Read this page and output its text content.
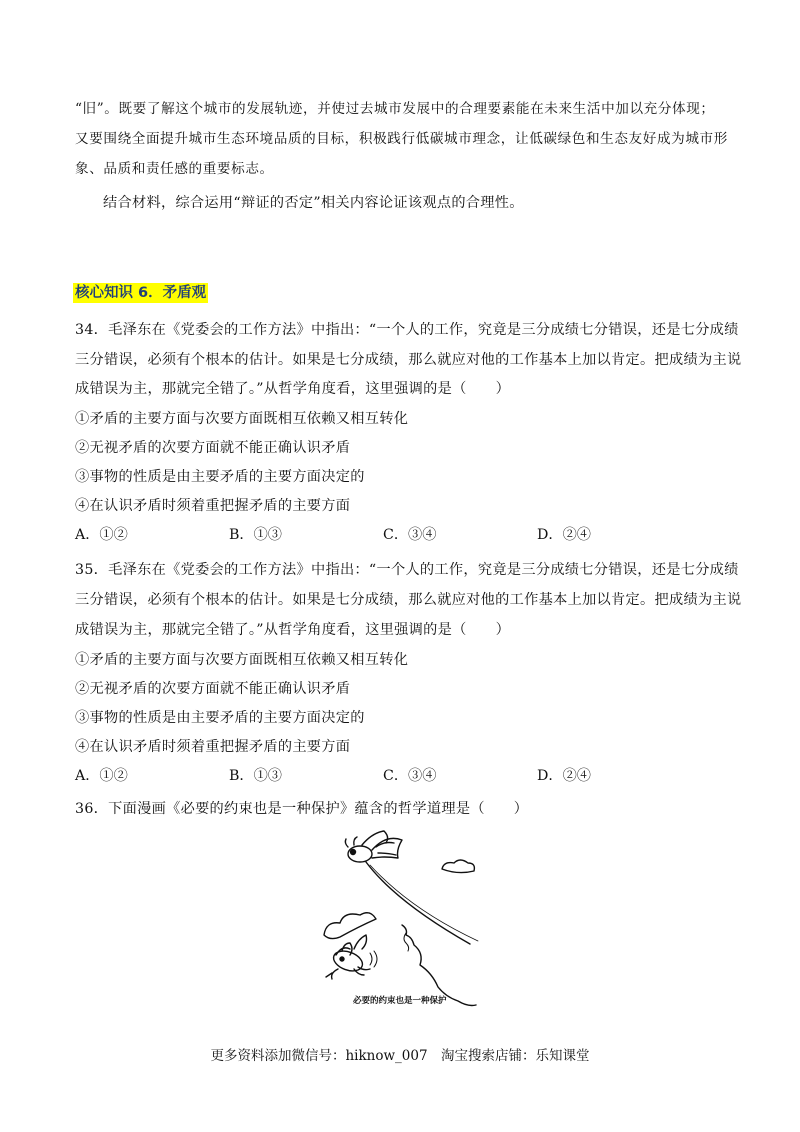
“旧”。既要了解这个城市的发展轨迹，并使过去城市发展中的合理要素能在未来生活中加以充分体现；
又要围绕全面提升城市生态环境品质的目标，积极践行低碳城市理念，让低碳绿色和生态友好成为城市形
象、品质和责任感的重要标志。
结合材料，综合运用“辩证的否定”相关内容论证该观点的合理性。
核心知识 6．矛盾观
34．毛泽东在《党委会的工作方法》中指出：“一个人的工作，究竟是三分成绩七分错误，还是七分成绩
三分错误，必须有个根本的估计。如果是七分成绩，那么就应对他的工作基本上加以肯定。把成绩为主说
成错误为主，那就完全错了。”从哲学角度看，这里强调的是（　　）
①矛盾的主要方面与次要方面既相互依赖又相互转化
②无视矛盾的次要方面就不能正确认识矛盾
③事物的性质是由主要矛盾的主要方面决定的
④在认识矛盾时须着重把握矛盾的主要方面
A．①②	B．①③	C．③④	D．②④
35．毛泽东在《党委会的工作方法》中指出：“一个人的工作，究竟是三分成绩七分错误，还是七分成绩
三分错误，必须有个根本的估计。如果是七分成绩，那么就应对他的工作基本上加以肯定。把成绩为主说
成错误为主，那就完全错了。”从哲学角度看，这里强调的是（　　）
①矛盾的主要方面与次要方面既相互依赖又相互转化
②无视矛盾的次要方面就不能正确认识矛盾
③事物的性质是由主要矛盾的主要方面决定的
④在认识矛盾时须着重把握矛盾的主要方面
A．①②	B．①③	C．③④	D．②④
36．下面漫画《必要的约束也是一种保护》蕴含的哲学道理是（　　）
必要的约束也是一种保护
更多资料添加微信号：hiknow_007　淘宝搜索店铺：乐知课堂
